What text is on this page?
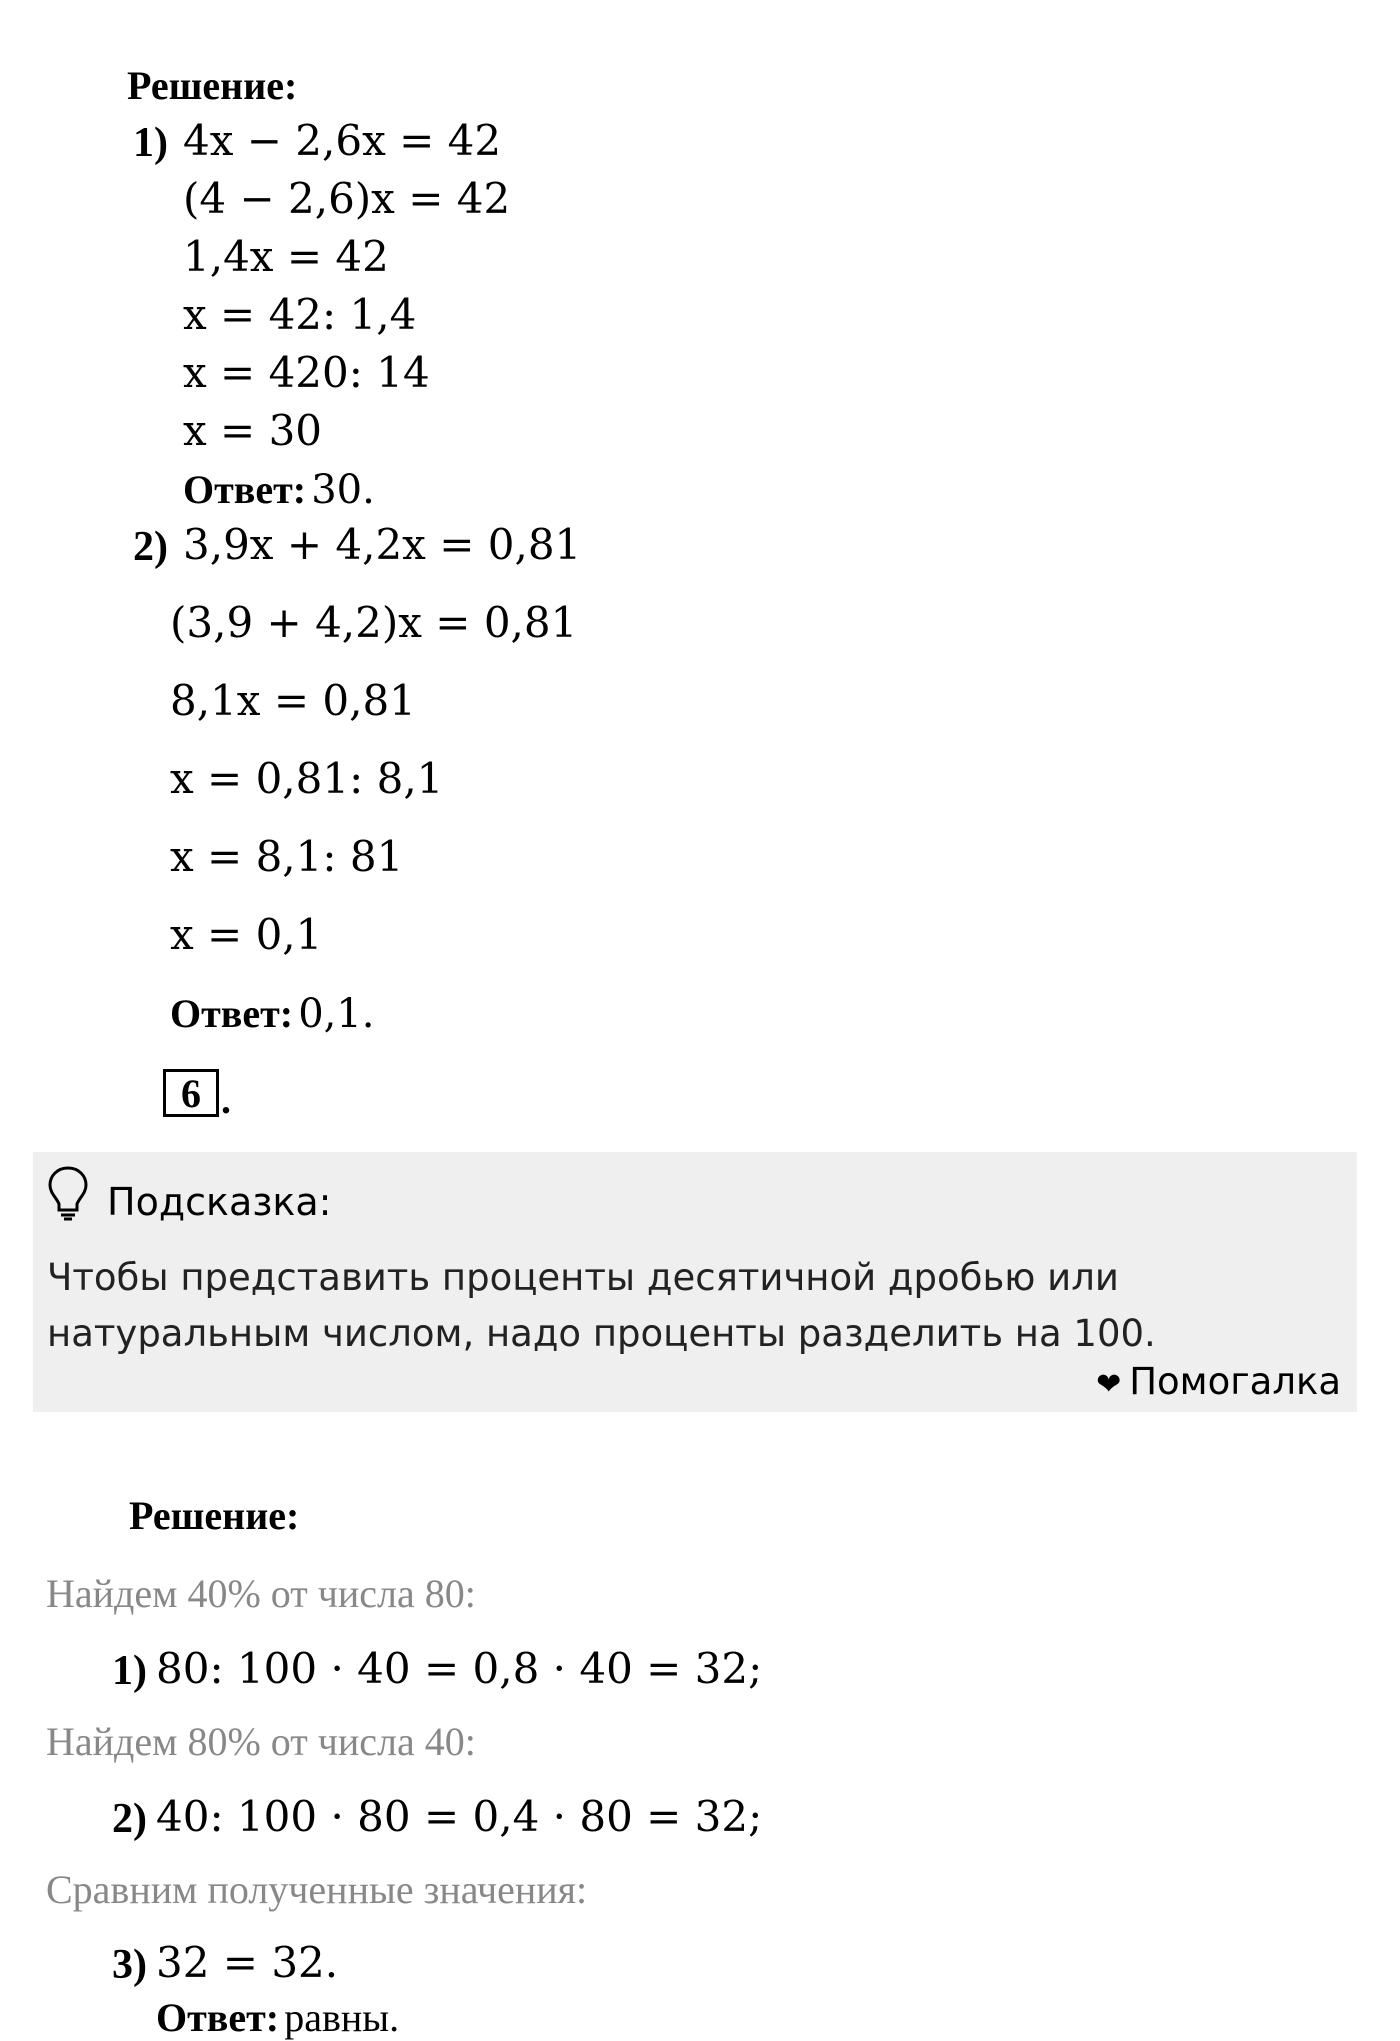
Решение:
1) 4x − 2,6x = 42
(4 − 2,6)x = 42
1,4x = 42
x = 42: 1,4
x = 420: 14
x = 30
Ответ: 30.
2) 3,9x + 4,2x = 0,81
(3,9 + 4,2)x = 0,81
8,1x = 0,81
x = 0,81: 8,1
x = 8,1: 81
x = 0,1
Ответ: 0,1.
6 .
Подсказка:
Чтобы представить проценты десятичной дробью или натуральным числом, надо проценты разделить на 100.
❤ Помогалка
Решение:
Найдем 40% от числа 80:
1) 80: 100 · 40 = 0,8 · 40 = 32;
Найдем 80% от числа 40:
2) 40: 100 · 80 = 0,4 · 80 = 32;
Сравним полученные значения:
3) 32 = 32.
Ответ: равны.
